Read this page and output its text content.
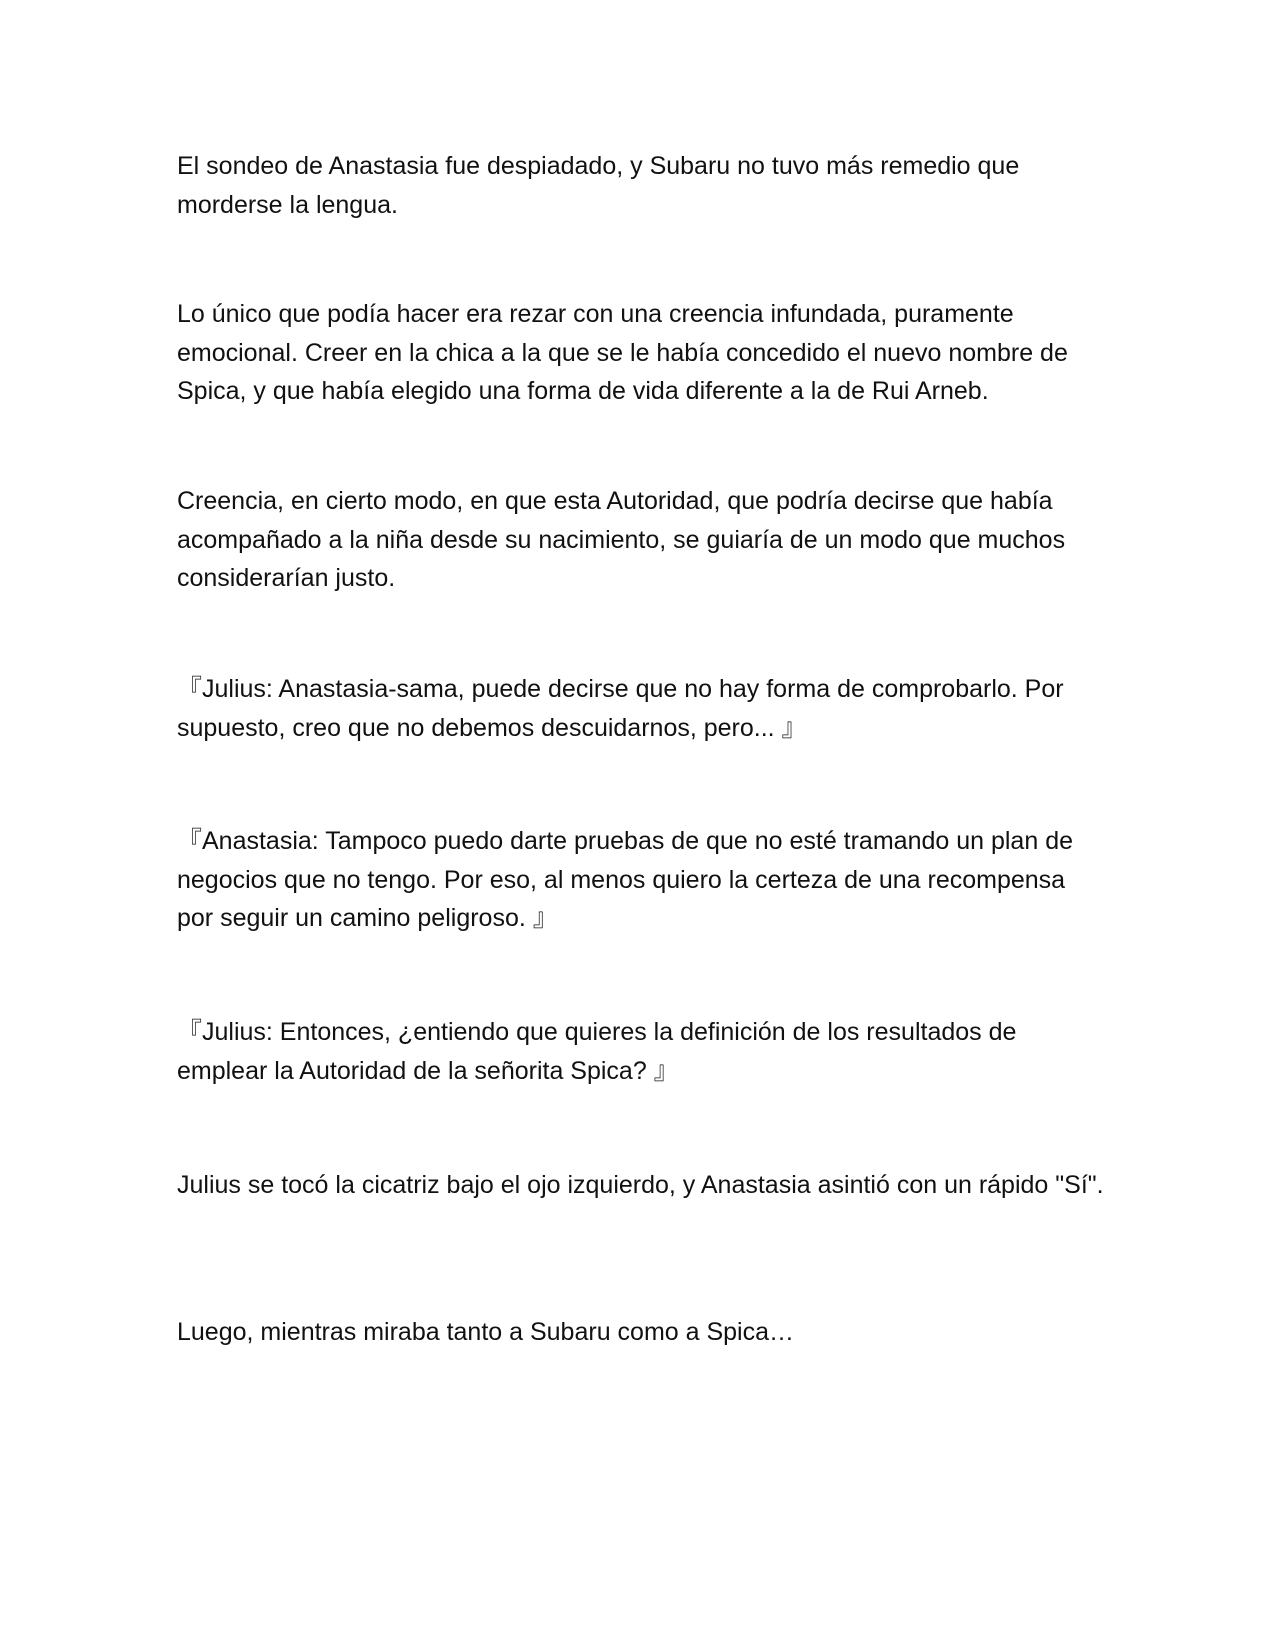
El sondeo de Anastasia fue despiadado, y Subaru no tuvo más remedio que morderse la lengua.

Lo único que podía hacer era rezar con una creencia infundada, puramente emocional. Creer en la chica a la que se le había concedido el nuevo nombre de Spica, y que había elegido una forma de vida diferente a la de Rui Arneb.

Creencia, en cierto modo, en que esta Autoridad, que podría decirse que había acompañado a la niña desde su nacimiento, se guiaría de un modo que muchos considerarían justo.

『Julius: Anastasia-sama, puede decirse que no hay forma de comprobarlo. Por supuesto, creo que no debemos descuidarnos, pero... 』

『Anastasia: Tampoco puedo darte pruebas de que no esté tramando un plan de negocios que no tengo. Por eso, al menos quiero la certeza de una recompensa por seguir un camino peligroso. 』

『Julius: Entonces, ¿entiendo que quieres la definición de los resultados de emplear la Autoridad de la señorita Spica? 』

Julius se tocó la cicatriz bajo el ojo izquierdo, y Anastasia asintió con un rápido "Sí".

Luego, mientras miraba tanto a Subaru como a Spica…
